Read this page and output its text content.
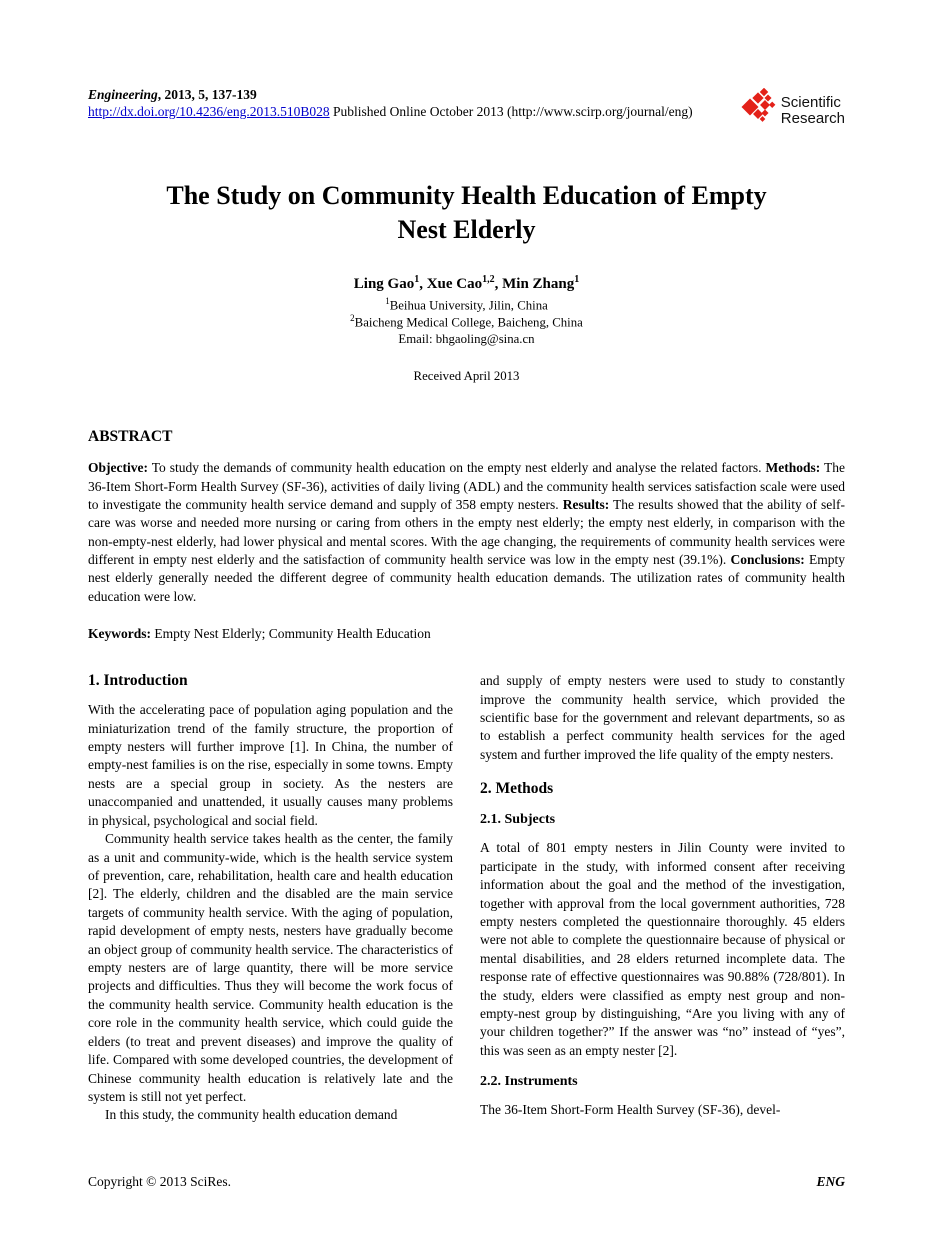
Engineering, 2013, 5, 137-139
http://dx.doi.org/10.4236/eng.2013.510B028 Published Online October 2013 (http://www.scirp.org/journal/eng)
Scientific
Research
The Study on Community Health Education of Empty Nest Elderly
Ling Gao$^1$, Xue Cao$^{1,2}$, Min Zhang$^1$
$^1$Beihua University, Jilin, China
$^2$Baicheng Medical College, Baicheng, China
Email: bhgaoling@sina.cn
Received April 2013
ABSTRACT

Objective: To study the demands of community health education on the empty nest elderly and analyse the related factors. Methods: The 36-Item Short-Form Health Survey (SF-36), activities of daily living (ADL) and the community health services satisfaction scale were used to investigate the community health service demand and supply of 358 empty nesters. Results: The results showed that the ability of self-care was worse and needed more nursing or caring from others in the empty nest elderly; the empty nest elderly, in comparison with the non-empty-nest elderly, had lower physical and mental scores. With the age changing, the requirements of community health services were different in empty nest elderly and the satisfaction of community health service was low in the empty nest (39.1%). Conclusions: Empty nest elderly generally needed the different degree of community health education demands. The utilization rates of community health education were low.

Keywords: Empty Nest Elderly; Community Health Education
1. Introduction

With the accelerating pace of population aging population and the miniaturization trend of the family structure, the proportion of empty nesters will further improve [1]. In China, the number of empty-nest families is on the rise, especially in some towns. Empty nests are a special group in society. As the nesters are unaccompanied and unattended, it usually causes many problems in physical, psychological and social field.

Community health service takes health as the center, the family as a unit and community-wide, which is the health service system of prevention, care, rehabilitation, health care and health education [2]. The elderly, children and the disabled are the main service targets of community health service. With the aging of population, rapid development of empty nests, nesters have gradually become an object group of community health service. The characteristics of empty nesters are of large quantity, there will be more service projects and difficulties. Thus they will become the work focus of the community health service. Community health education is the core role in the community health service, which could guide the elders (to treat and prevent diseases) and improve the quality of life. Compared with some developed countries, the development of Chinese community health education is relatively late and the system is still not yet perfect.

In this study, the community health education demand

and supply of empty nesters were used to study to constantly improve the community health service, which provided the scientific base for the government and relevant departments, so as to establish a perfect community health services for the aged system and further improved the life quality of the empty nesters.

2. Methods
2.1. Subjects

A total of 801 empty nesters in Jilin County were invited to participate in the study, with informed consent after receiving information about the goal and the method of the investigation, together with approval from the local government authorities, 728 empty nesters completed the questionnaire thoroughly. 45 elders were not able to complete the questionnaire because of physical or mental disabilities, and 28 elders returned incomplete data. The response rate of effective questionnaires was 90.88% (728/801). In the study, elders were classified as empty nest group and non-empty-nest group by distinguishing, “Are you living with any of your children together?” If the answer was “no” instead of “yes”, this was seen as an empty nester [2].

2.2. Instruments

The 36-Item Short-Form Health Survey (SF-36), devel-

Copyright © 2013 SciRes.	ENG
